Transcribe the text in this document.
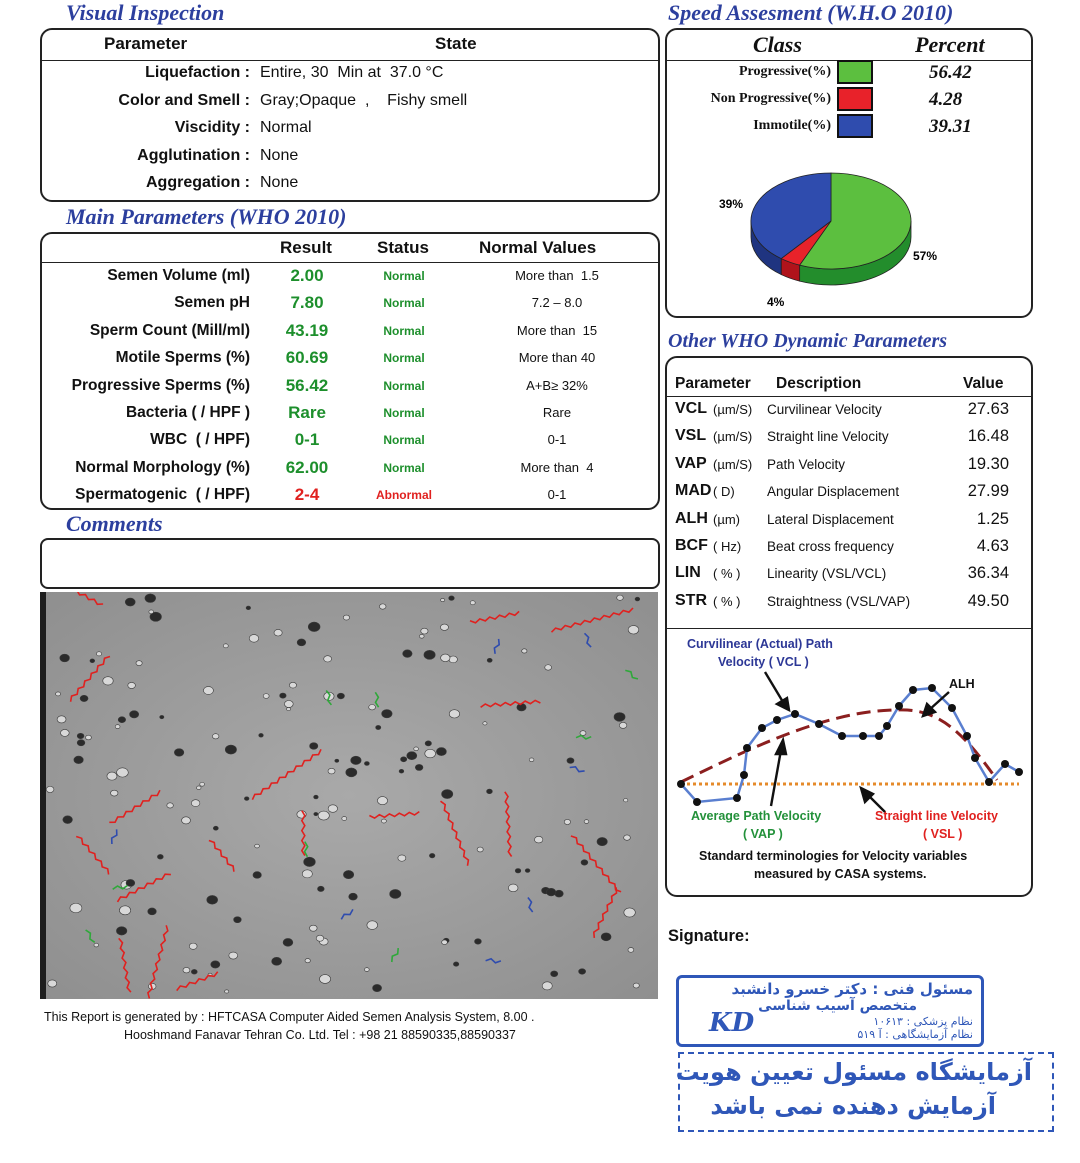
Visual Inspection
Parameter	State
Liquefaction : Entire, 30  Min at  37.0 °C
Color and Smell : Gray;Opaque  ,    Fishy smell
Viscidity : Normal
Agglutination : None
Aggregation : None
Main Parameters (WHO 2010)
Result	Status	Normal Values
Semen Volume (ml)	2.00	Normal	More than  1.5
Semen pH	7.80	Normal	7.2 – 8.0
Sperm Count (Mill/ml)	43.19	Normal	More than  15
Motile Sperms (%)	60.69	Normal	More than 40
Progressive Sperms (%)	56.42	Normal	A+B≥ 32%
Bacteria ( / HPF )	Rare	Normal	Rare
WBC  ( / HPF)	0-1	Normal	0-1
Normal Morphology (%)	62.00	Normal	More than  4
Spermatogenic  ( / HPF)	2-4	Abnormal	0-1
Comments
This Report is generated by : HFTCASA Computer Aided Semen Analysis System, 8.00 .
Hooshmand Fanavar Tehran Co. Ltd. Tel : +98 21 88590335,88590337
Speed Assesment (W.H.O 2010)
Class	Percent
Progressive(%)	56.42
Non Progressive(%)	4.28
Immotile(%)	39.31
39%
57%
4%
Other WHO Dynamic Parameters
Parameter Description	Value
VCL (µm/S) Curvilinear Velocity	27.63
VSL (µm/S) Straight line Velocity	16.48
VAP (µm/S) Path Velocity	19.30
MAD ( D) Angular Displacement	27.99
ALH (µm) Lateral Displacement	1.25
BCF ( Hz) Beat cross frequency	4.63
LIN ( % ) Linearity (VSL/VCL)	36.34
STR ( % ) Straightness (VSL/VAP)	49.50
Curvilinear (Actual) Path
Velocity ( VCL )
ALH
Average Path Velocity
( VAP )
Straight line Velocity
( VSL )
Standard terminologies for Velocity variables
measured by CASA systems.
Signature:
مسئول فنی : دکتر خسرو دانشبد
متخصص آسیب شناسی
نظام پزشکی : ۱۰۶۱۳
نظام آزمایشگاهی : آ ۵۱۹
KD
آزمایشگاه مسئول تعیین هویت
آزمایش دهنده نمی باشد
